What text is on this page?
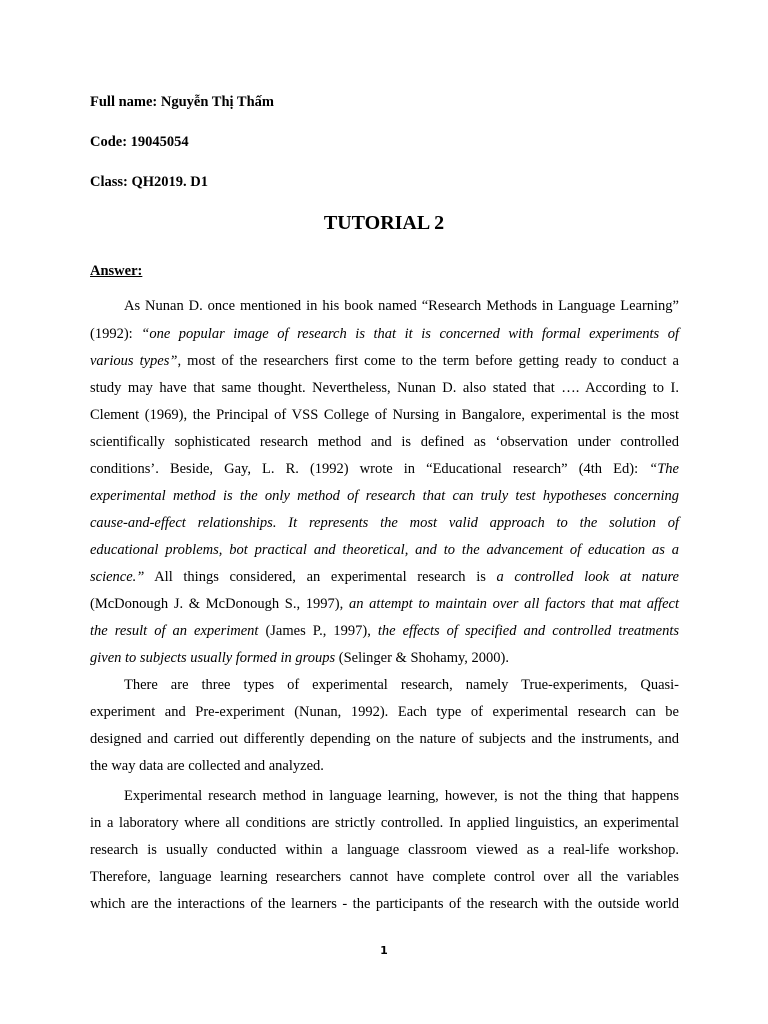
Full name: Nguyễn Thị Thấm
Code: 19045054
Class: QH2019. D1
TUTORIAL 2
Answer:
As Nunan D. once mentioned in his book named “Research Methods in Language Learning”
(1992): “one popular image of research is that it is concerned with formal experiments of
various types”, most of the researchers first come to the term before getting ready to conduct a
study may have that same thought. Nevertheless, Nunan D. also stated that …. According to I.
Clement (1969), the Principal of VSS College of Nursing in Bangalore, experimental is the most
scientifically sophisticated research method and is defined as ‘observation under controlled
conditions’. Beside, Gay, L. R. (1992) wrote in “Educational research” (4th Ed): “The
experimental method is the only method of research that can truly test hypotheses concerning
cause-and-effect relationships. It represents the most valid approach to the solution of
educational problems, bot practical and theoretical, and to the advancement of education as a
science.” All things considered, an experimental research is a controlled look at nature
(McDonough J. & McDonough S., 1997), an attempt to maintain over all factors that mat affect
the result of an experiment (James P., 1997), the effects of specified and controlled treatments
given to subjects usually formed in groups (Selinger & Shohamy, 2000).
There are three types of experimental research, namely True-experiments, Quasi-
experiment and Pre-experiment (Nunan, 1992). Each type of experimental research can be
designed and carried out differently depending on the nature of subjects and the instruments, and
the way data are collected and analyzed.
Experimental research method in language learning, however, is not the thing that happens
in a laboratory where all conditions are strictly controlled. In applied linguistics, an experimental
research is usually conducted within a language classroom viewed as a real-life workshop.
Therefore, language learning researchers cannot have complete control over all the variables
which are the interactions of the learners - the participants of the research with the outside world
1
